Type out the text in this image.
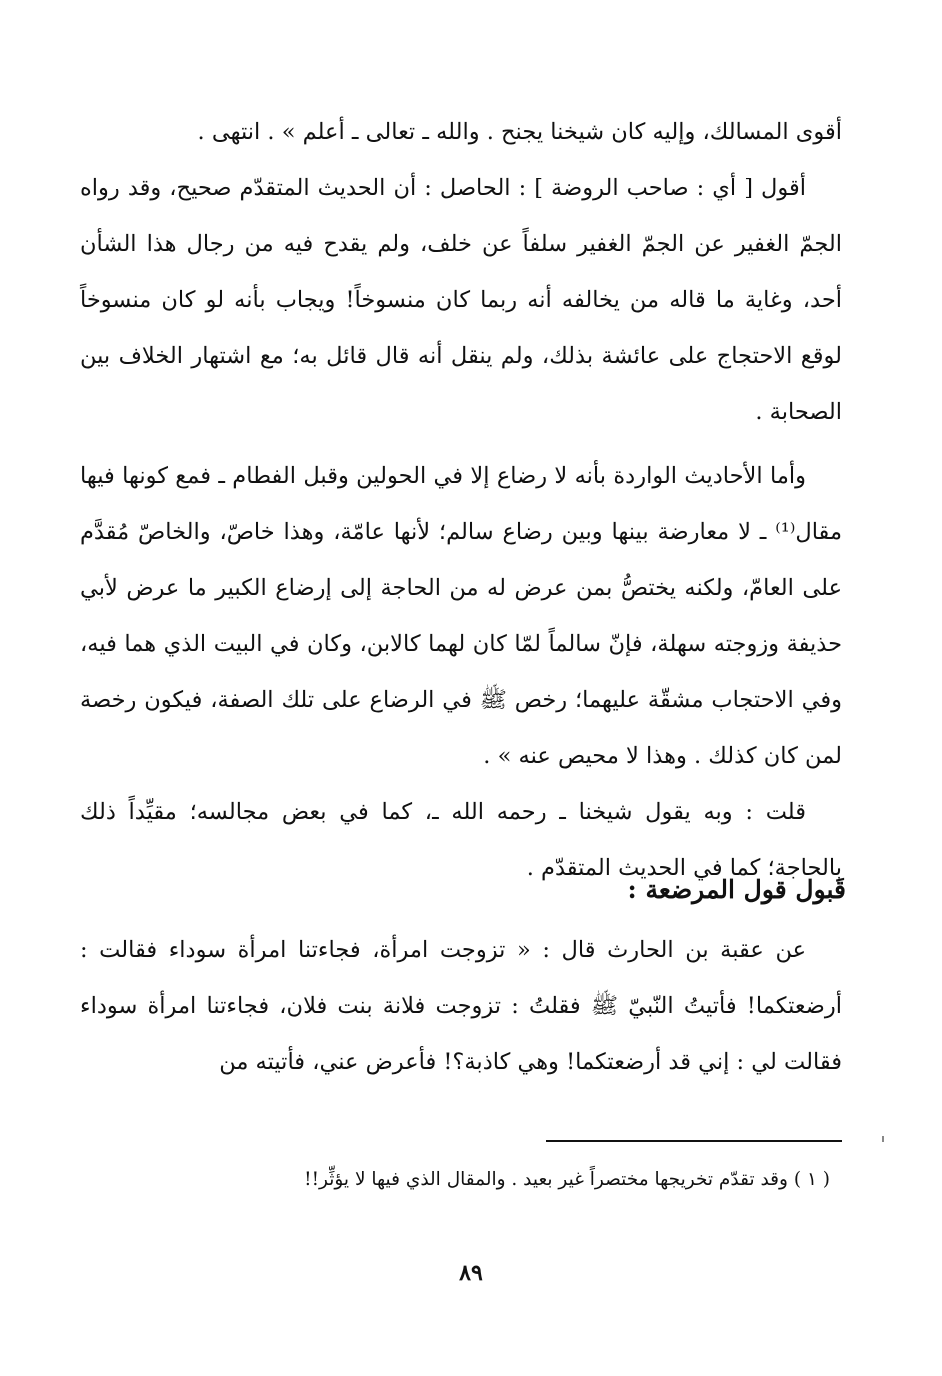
أقوى المسالك، وإليه كان شيخنا يجنح . والله ـ تعالى ـ أعلم » . انتهى .

أقول [ أي : صاحب الروضة ] : الحاصل : أن الحديث المتقدّم صحيح، وقد رواه الجمّ الغفير عن الجمّ الغفير سلفاً عن خلف، ولم يقدح فيه من رجال هذا الشأن أحد، وغاية ما قاله من يخالفه أنه ربما كان منسوخاً! ويجاب بأنه لو كان منسوخاً لوقع الاحتجاج على عائشة بذلك، ولم ينقل أنه قال قائل به؛ مع اشتهار الخلاف بين الصحابة .

وأما الأحاديث الواردة بأنه لا رضاع إلا في الحولين وقبل الفطام ـ فمع كونها فيها مقال⁽¹⁾ ـ لا معارضة بينها وبين رضاع سالم؛ لأنها عامّة، وهذا خاصّ، والخاصّ مُقدَّم على العامّ، ولكنه يختصُّ بمن عرض له من الحاجة إلى إرضاع الكبير ما عرض لأبي حذيفة وزوجته سهلة، فإنّ سالماً لمّا كان لهما كالابن، وكان في البيت الذي هما فيه، وفي الاحتجاب مشقّة عليهما؛ رخص ﷺ في الرضاع على تلك الصفة، فيكون رخصة لمن كان كذلك . وهذا لا محيص عنه » .

قلت : وبه يقول شيخنا ـ رحمه الله ـ، كما في بعض مجالسه؛ مقيِّداً ذلك بالحاجة؛ كما في الحديث المتقدّم .

قَبول قول المرضعة :

عن عقبة بن الحارث قال : « تزوجت امرأة، فجاءتنا امرأة سوداء فقالت : أرضعتكما! فأتيتُ النّبيّ ﷺ فقلتُ : تزوجت فلانة بنت فلان، فجاءتنا امرأة سوداء فقالت لي : إني قد أرضعتكما! وهي كاذبة؟! فأعرض عني، فأتيته من

( ١ ) وقد تقدّم تخريجها مختصراً غير بعيد . والمقال الذي فيها لا يؤثِّر!!
٨٩
